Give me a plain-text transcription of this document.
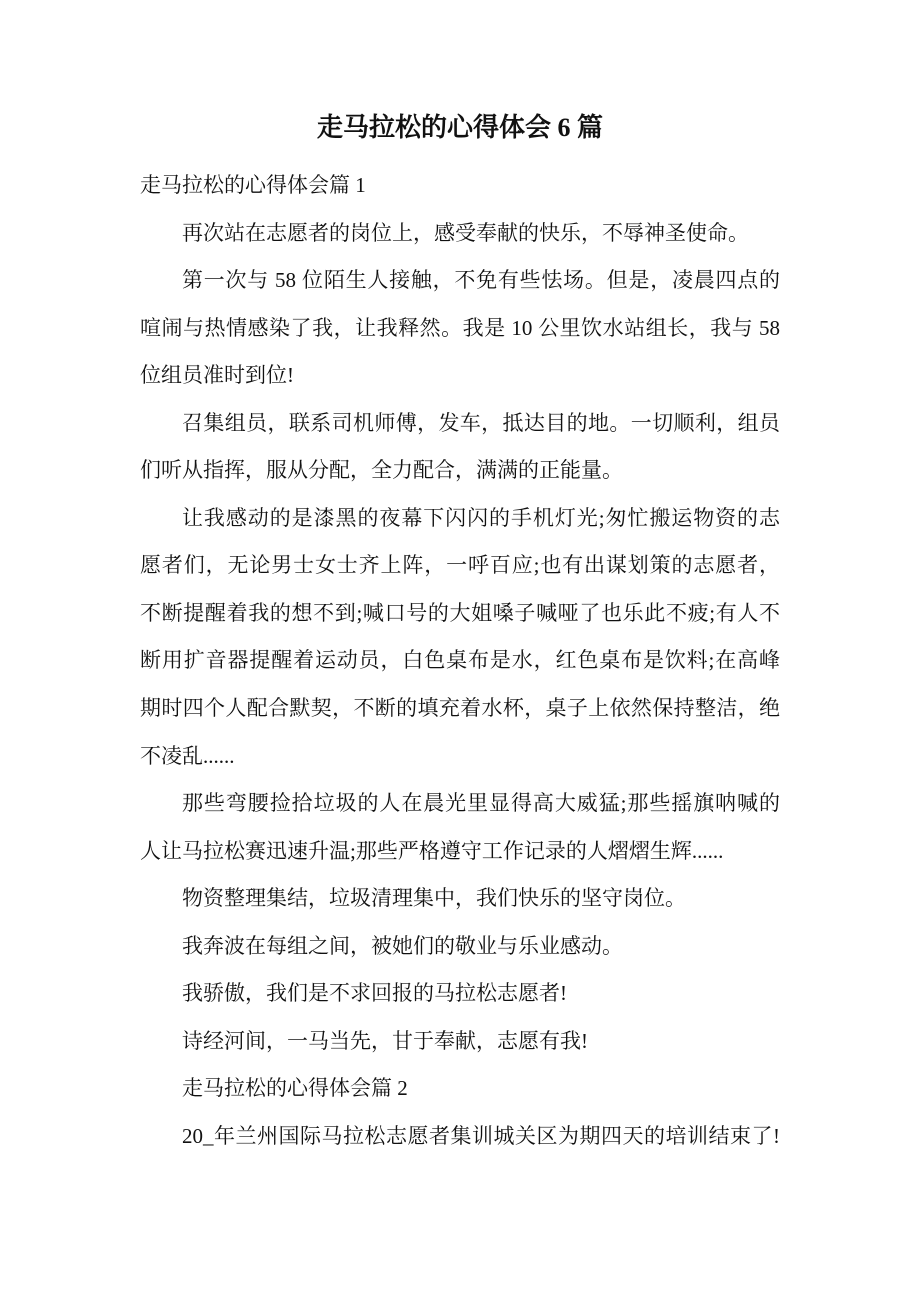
走马拉松的心得体会 6 篇
走马拉松的心得体会篇 1
再次站在志愿者的岗位上，感受奉献的快乐，不辱神圣使命。
第一次与 58 位陌生人接触，不免有些怯场。但是，凌晨四点的
喧闹与热情感染了我，让我释然。我是 10 公里饮水站组长，我与 58
位组员准时到位!
召集组员，联系司机师傅，发车，抵达目的地。一切顺利，组员
们听从指挥，服从分配，全力配合，满满的正能量。
让我感动的是漆黑的夜幕下闪闪的手机灯光;匆忙搬运物资的志
愿者们，无论男士女士齐上阵，一呼百应;也有出谋划策的志愿者，
不断提醒着我的想不到;喊口号的大姐嗓子喊哑了也乐此不疲;有人不
断用扩音器提醒着运动员，白色桌布是水，红色桌布是饮料;在高峰
期时四个人配合默契，不断的填充着水杯，桌子上依然保持整洁，绝
不凌乱......
那些弯腰捡拾垃圾的人在晨光里显得高大威猛;那些摇旗呐喊的
人让马拉松赛迅速升温;那些严格遵守工作记录的人熠熠生辉......
物资整理集结，垃圾清理集中，我们快乐的坚守岗位。
我奔波在每组之间，被她们的敬业与乐业感动。
我骄傲，我们是不求回报的马拉松志愿者!
诗经河间，一马当先，甘于奉献，志愿有我!
走马拉松的心得体会篇 2
20_年兰州国际马拉松志愿者集训城关区为期四天的培训结束了!
